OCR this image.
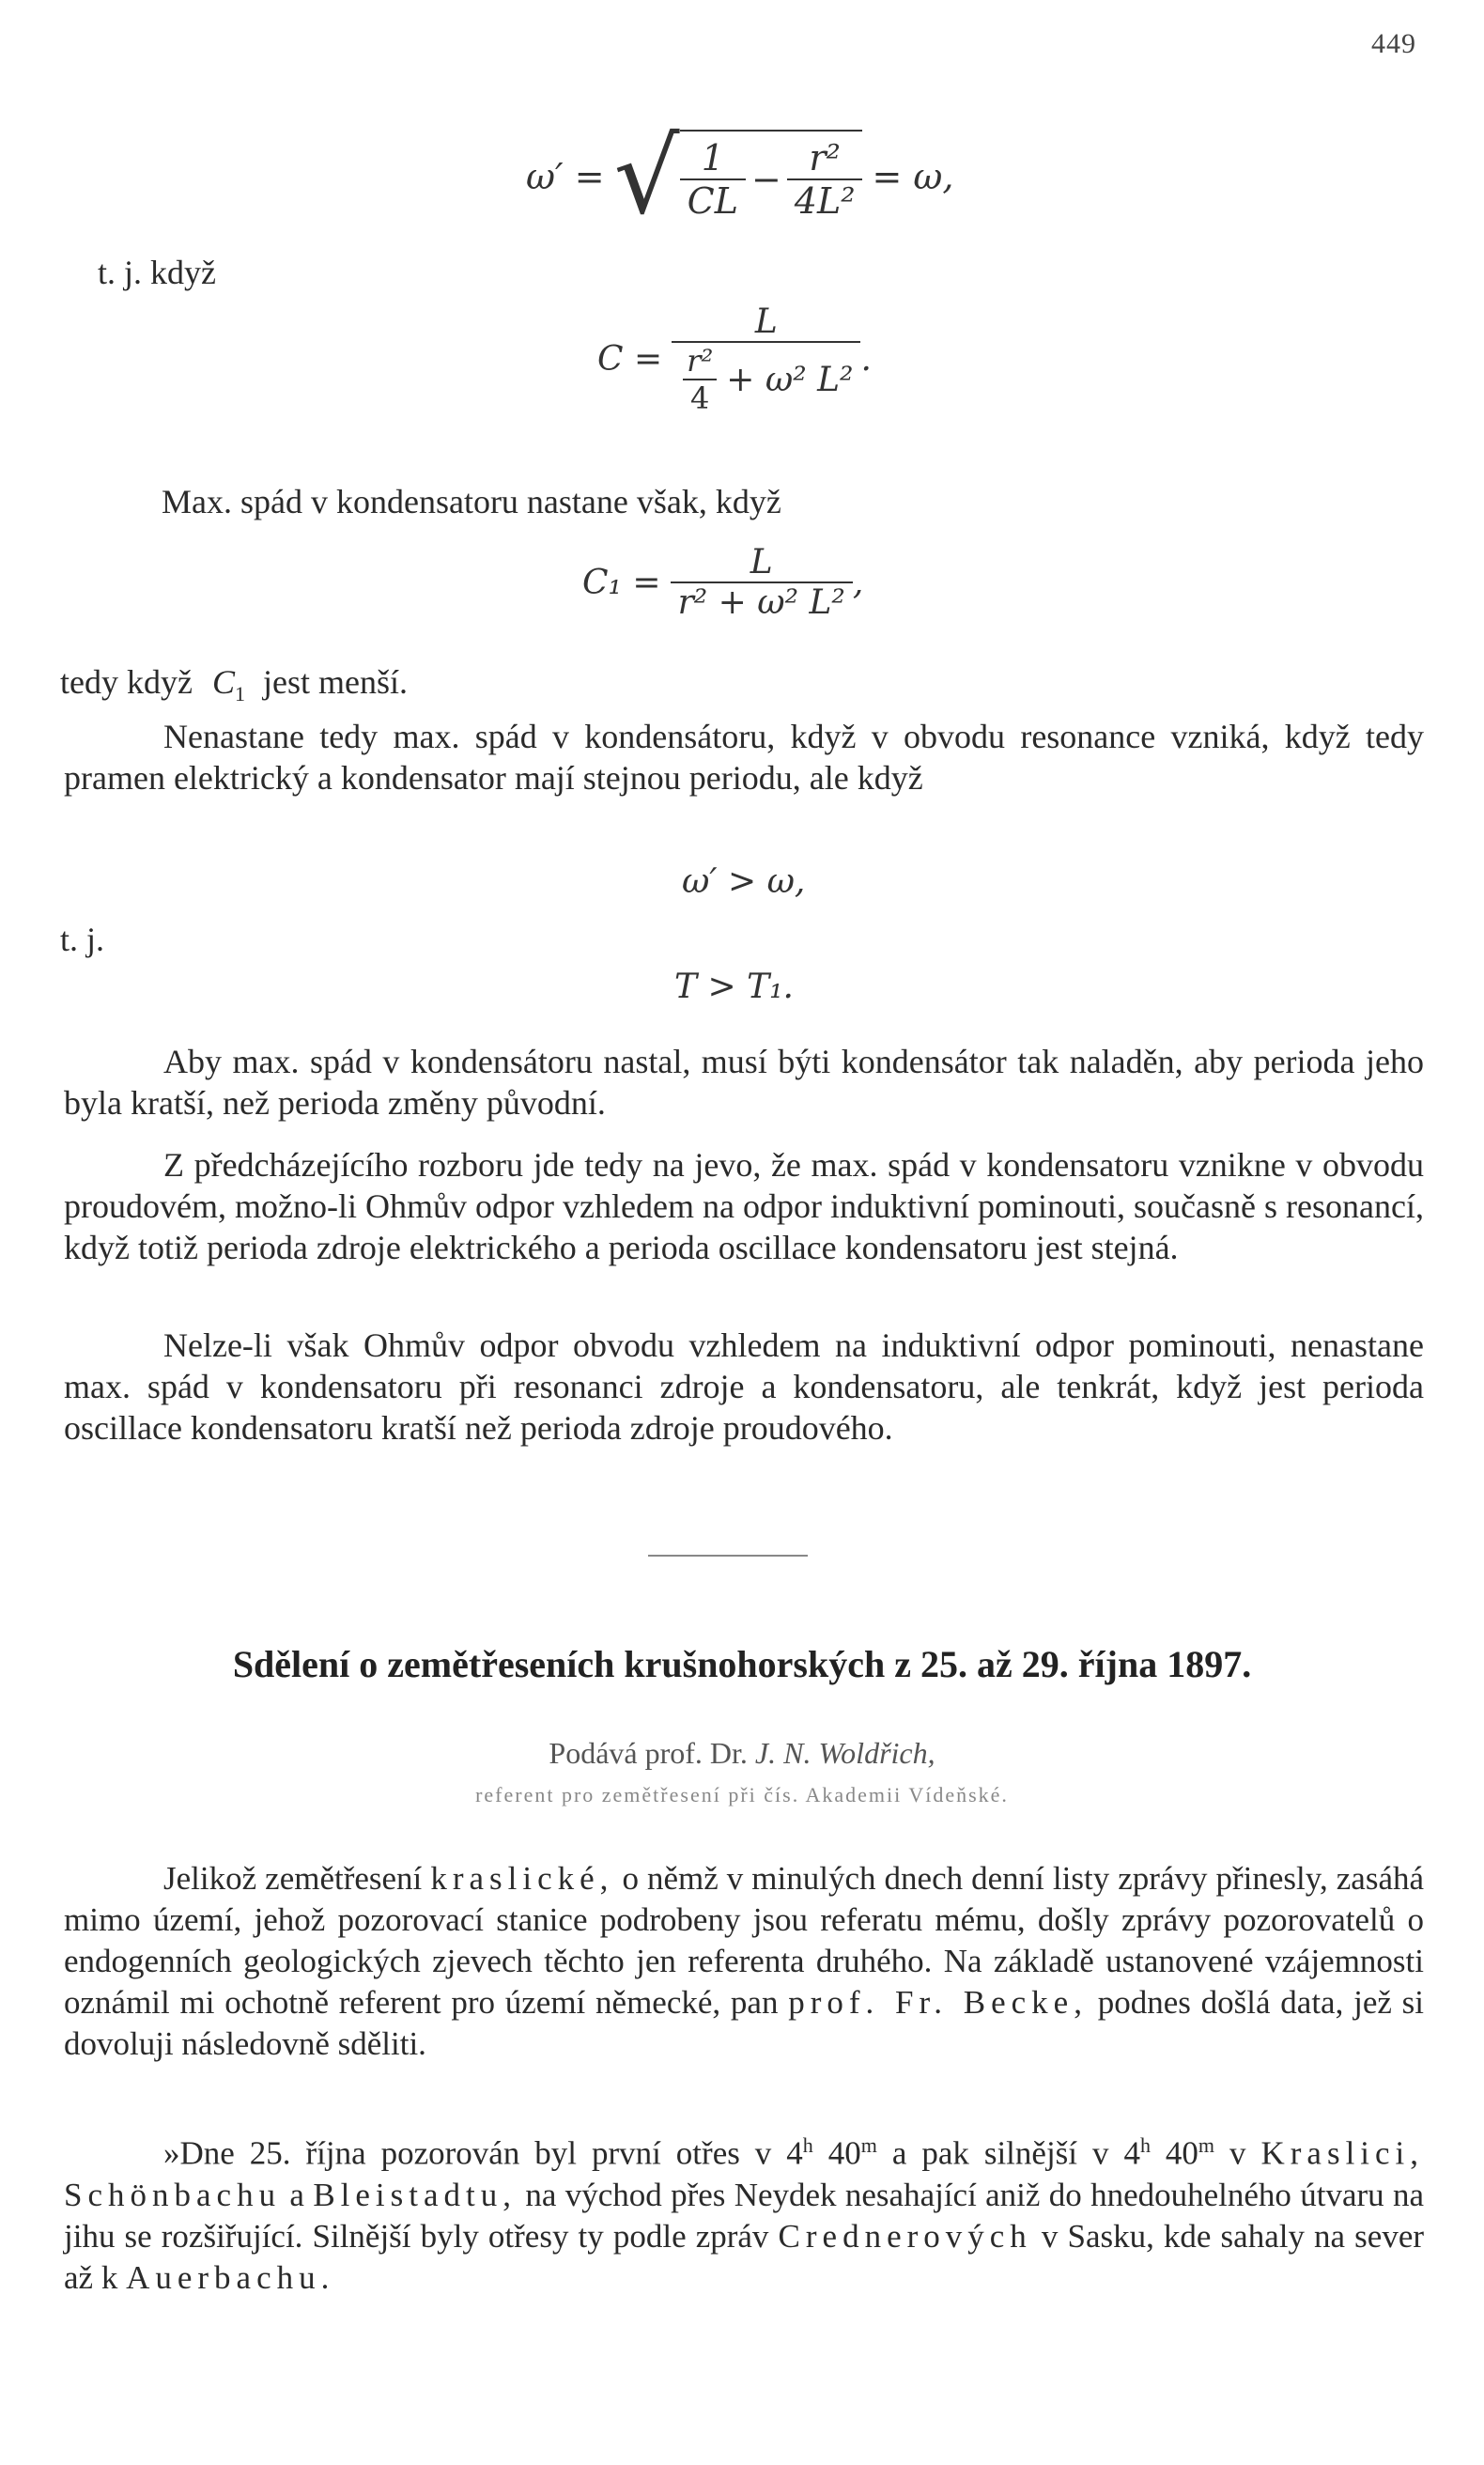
449
ω′ = √ $\frac{1}{CL} - \frac{\text{r²}}{\text{4L²}} = \omega$,
t. j. když
$C = \frac{L}{\frac{\text{r²}}{4} + \omega^2 L^2}$ .
Max. spád v kondensatoru nastane však, když
$C_1 = \frac{L}{\text{r² + ω² L²}}$ ,
tedy když $C_1$ jest menší.

Nenastane tedy max. spád v kondensátoru, když v obvodu resonance vzniká, když tedy pramen elektrický a kondensator mají stejnou periodu, ale když

ω′ > ω,
t. j.
T > T₁.

Aby max. spád v kondensátoru nastal, musí býti kondensátor tak naladěn, aby perioda jeho byla kratší, než perioda změny původní.

Z předcházejícího rozboru jde tedy na jevo, že max. spád v kondensatoru vznikne v obvodu proudovém, možno-li Ohmův odpor vzhledem na odpor induktivní pominouti, současně s resonancí, když totiž perioda zdroje elektrického a perioda oscillace kondensatoru jest stejná.

Nelze-li však Ohmův odpor obvodu vzhledem na induktivní odpor pominouti, nenastane max. spád v kondensatoru při resonanci zdroje a kondensatoru, ale tenkrát, když jest perioda oscillace kondensatoru kratší než perioda zdroje proudového.

Sdělení o zemětřeseních krušnohorských z 25. až 29. října 1897.
Podává prof. Dr. J. N. Woldřich,
referent pro zemětřesení při čís. Akademii Vídeňské.

Jelikož zemětřesení kraslické, o němž v minulých dnech denní listy zprávy přinesly, zasáhá mimo území, jehož pozorovací stanice podrobeny jsou referatu mému, došly zprávy pozorovatelů o endogenních geologických zjevech těchto jen referenta druhého. Na základě ustanovené vzájemnosti oznámil mi ochotně referent pro území německé, pan prof. Fr. Becke, podnes došlá data, jež si dovoluji následovně sděliti.

»Dne 25. října pozorován byl první otřes v 4$^h$ 40$^m$ a pak silnější v 4$^h$ 40$^m$ v Kraslici, Schönbachu a Bleistadtu, na východ přes Neydek nesahající aniž do hnedouhelného útvaru na jihu se rozšiřující. Silnější byly otřesy ty podle zpráv Crednerových v Sasku, kde sahaly na sever až k Auerbachu.
